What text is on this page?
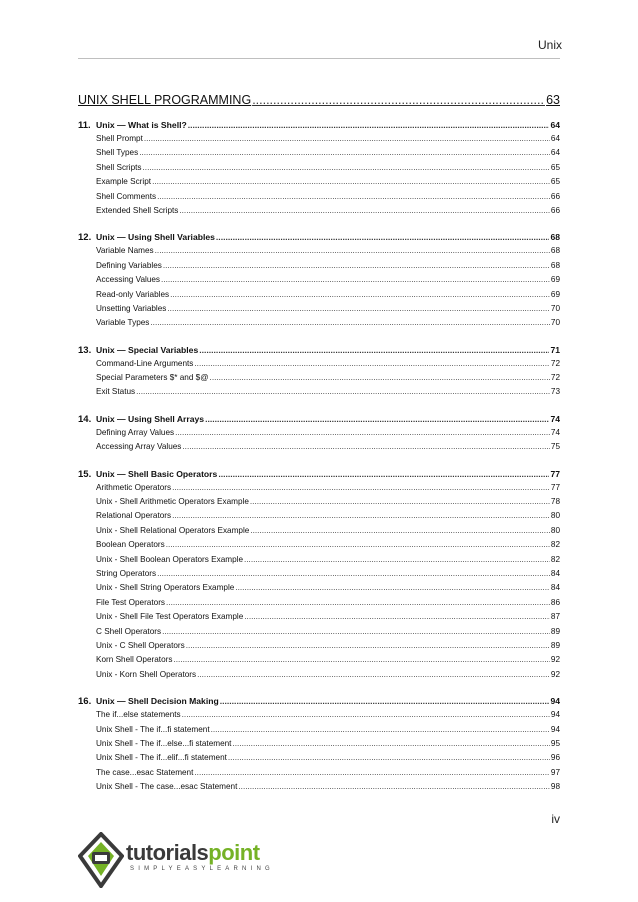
Unix
UNIX SHELL PROGRAMMING .....	63
11. Unix — What is Shell? .....	64
Shell Prompt .....	64
Shell Types .....	64
Shell Scripts .....	65
Example Script .....	65
Shell Comments .....	66
Extended Shell Scripts .....	66
12. Unix — Using Shell Variables .....	68
Variable Names .....	68
Defining Variables .....	68
Accessing Values .....	69
Read-only Variables .....	69
Unsetting Variables .....	70
Variable Types .....	70
13. Unix — Special Variables .....	71
Command-Line Arguments .....	72
Special Parameters $* and $@ .....	72
Exit Status .....	73
14. Unix — Using Shell Arrays .....	74
Defining Array Values .....	74
Accessing Array Values .....	75
15. Unix — Shell Basic Operators .....	77
Arithmetic Operators .....	77
Unix - Shell Arithmetic Operators Example .....	78
Relational Operators .....	80
Unix - Shell Relational Operators Example .....	80
Boolean Operators .....	82
Unix - Shell Boolean Operators Example .....	82
String Operators .....	84
Unix - Shell String Operators Example .....	84
File Test Operators .....	86
Unix - Shell File Test Operators Example .....	87
C Shell Operators .....	89
Unix - C Shell Operators .....	89
Korn Shell Operators .....	92
Unix - Korn Shell Operators .....	92
16. Unix — Shell Decision Making .....	94
The if...else statements .....	94
Unix Shell - The if...fi statement .....	94
Unix Shell - The if...else...fi statement .....	95
Unix Shell - The if...elif...fi statement .....	96
The case...esac Statement .....	97
Unix Shell - The case...esac Statement .....	98
iv
tutorialspoint
SIMPLYEASYLEARNING
